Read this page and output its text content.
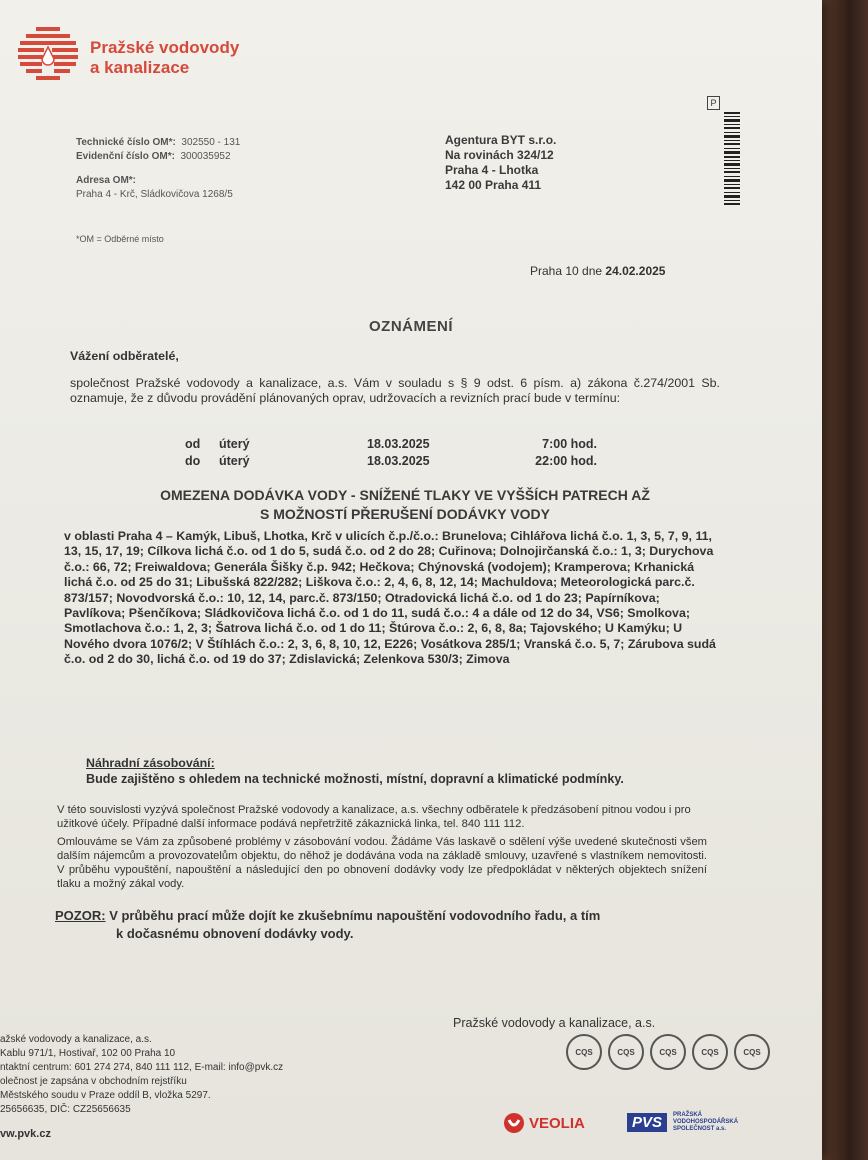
Pražské vodovody
a kanalizace
Technické číslo OM*: 302550 - 131
Evidenční číslo OM*: 300035952
Adresa OM*:
Praha 4 - Krč, Sládkovičova 1268/5
*OM = Odběrné místo
Agentura BYT s.r.o.
Na rovinách 324/12
Praha 4 - Lhotka
142 00 Praha 411
P
Praha 10 dne 24.02.2025
OZNÁMENÍ
Vážení odběratelé,
společnost Pražské vodovody a kanalizace, a.s. Vám v souladu s § 9 odst. 6 písm. a) zákona č.274/2001 Sb. oznamuje, že z důvodu provádění plánovaných oprav, udržovacích a revizních prací bude v termínu:
od	úterý	18.03.2025	7:00 hod.
do	úterý	18.03.2025	22:00 hod.
OMEZENA DODÁVKA VODY - SNÍŽENÉ TLAKY VE VYŠŠÍCH PATRECH AŽ
S MOŽNOSTÍ PŘERUŠENÍ DODÁVKY VODY
v oblasti Praha 4 – Kamýk, Libuš, Lhotka, Krč v ulicích č.p./č.o.: Brunelova; Cihlářova lichá č.o. 1, 3, 5, 7, 9, 11, 13, 15, 17, 19; Cílkova lichá č.o. od 1 do 5, sudá č.o. od 2 do 28; Cuřinova; Dolnojirčanská č.o.: 1, 3; Durychova č.o.: 66, 72; Freiwaldova; Generála Šišky č.p. 942; Hečkova; Chýnovská (vodojem); Kramperova; Krhanická lichá č.o. od 25 do 31; Libušská 822/282; Liškova č.o.: 2, 4, 6, 8, 12, 14; Machuldova; Meteorologická parc.č. 873/157; Novodvorská č.o.: 10, 12, 14, parc.č. 873/150; Otradovická lichá č.o. od 1 do 23; Papírníkova; Pavlíkova; Pšenčíkova; Sládkovičova lichá č.o. od 1 do 11, sudá č.o.: 4 a dále od 12 do 34, VS6; Smolkova; Smotlachova č.o.: 1, 2, 3; Šatrova lichá č.o. od 1 do 11; Štúrova č.o.: 2, 6, 8, 8a; Tajovského; U Kamýku; U Nového dvora 1076/2; V Štíhlách č.o.: 2, 3, 6, 8, 10, 12, E226; Vosátkova 285/1; Vranská č.o. 5, 7; Zárubova sudá č.o. od 2 do 30, lichá č.o. od 19 do 37; Zdislavická; Zelenkova 530/3; Zimova
Náhradní zásobování:
Bude zajištěno s ohledem na technické možnosti, místní, dopravní a klimatické podmínky.
V této souvislosti vyzývá společnost Pražské vodovody a kanalizace, a.s. všechny odběratele k předzásobení pitnou vodou i pro užitkové účely. Případné další informace podává nepřetržitě zákaznická linka, tel. 840 111 112.
Omlouváme se Vám za způsobené problémy v zásobování vodou. Žádáme Vás laskavě o sdělení výše uvedené skutečnosti všem dalším nájemcům a provozovatelům objektu, do něhož je dodávána voda na základě smlouvy, uzavřené s vlastníkem nemovitosti. V průběhu vypouštění, napouštění a následující den po obnovení dodávky vody lze předpokládat v některých objektech snížení tlaku a možný zákal vody.
POZOR: V průběhu prací může dojít ke zkušebnímu napouštění vodovodního řadu, a tím
k dočasnému obnovení dodávky vody.
Pražské vodovody a kanalizace, a.s.
CQS	CQS	CQS	CQS	CQS
ažské vodovody a kanalizace, a.s.
Kablu 971/1, Hostivař, 102 00 Praha 10
ntaktní centrum: 601 274 274, 840 111 112, E-mail: info@pvk.cz
olečnost je zapsána v obchodním rejstříku
Městského soudu v Praze oddíl B, vložka 5297.
25656635, DIČ: CZ25656635
vw.pvk.cz
VEOLIA	PVS	PRAŽSKÁ
VODOHOSPODÁŘSKÁ
SPOLEČNOST a.s.
